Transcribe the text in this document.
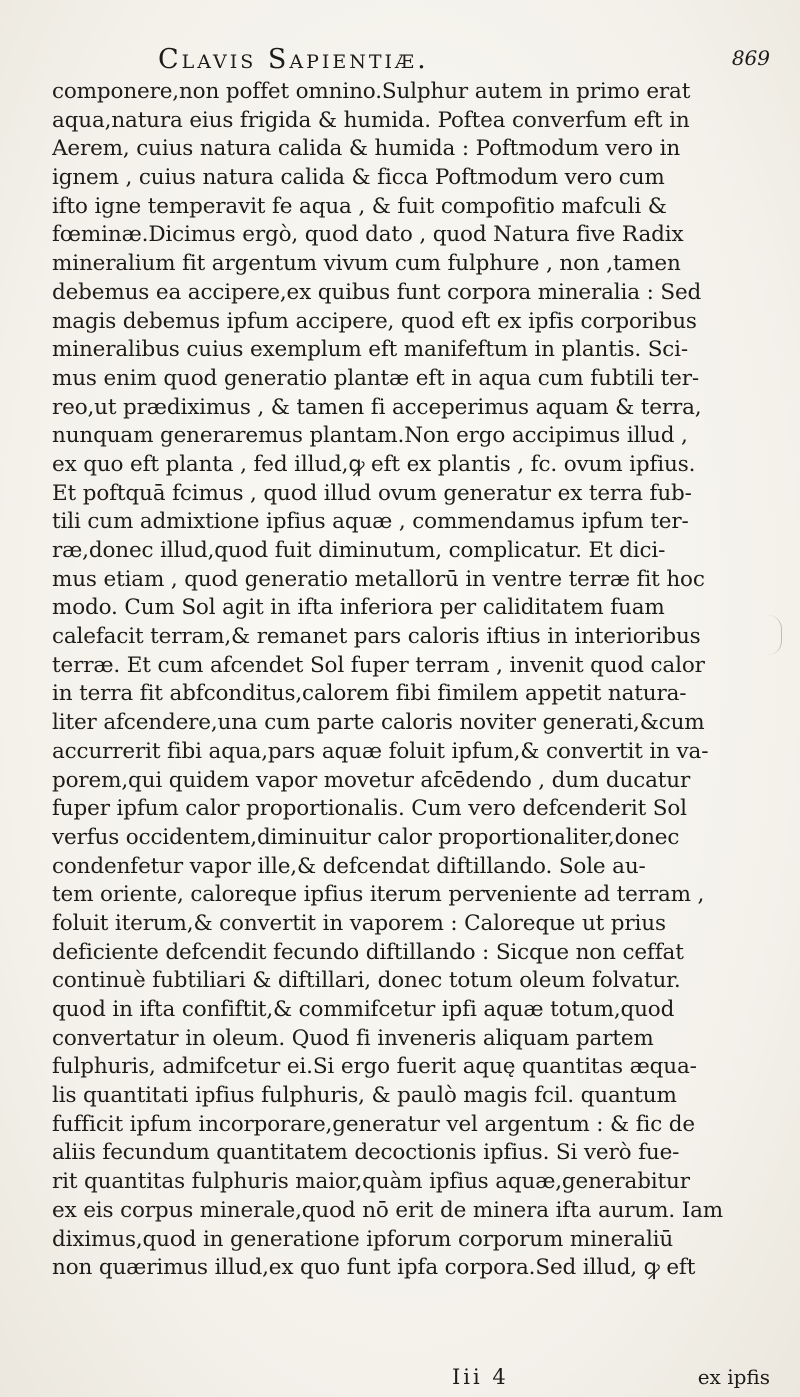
Clavis Sapientiæ.	869
componere,non poffet omnino.Sulphur autem in primo erat
aqua,natura eius frigida & humida. Poftea converfum eft in
Aerem, cuius natura calida & humida : Poftmodum vero in
ignem , cuius natura calida & ficca Poftmodum vero cum
ifto igne temperavit fe aqua , & fuit compofitio mafculi &
fœminæ.Dicimus ergò, quod dato , quod Natura five Radix
mineralium fit argentum vivum cum fulphure , non ,tamen
debemus ea accipere,ex quibus funt corpora mineralia : Sed
magis debemus ipfum accipere, quod eft ex ipfis corporibus
mineralibus cuius exemplum eft manifeftum in plantis. Sci-
mus enim quod generatio plantæ eft in aqua cum fubtili ter-
reo,ut prædiximus , & tamen fi acceperimus aquam & terra,
nunquam generaremus plantam.Non ergo accipimus illud ,
ex quo eft planta , fed illud,ꝙ eft ex plantis , fc. ovum ipfius.
Et poftquā fcimus , quod illud ovum generatur ex terra fub-
tili cum admixtione ipfius aquæ , commendamus ipfum ter-
ræ,donec illud,quod fuit diminutum, complicatur. Et dici-
mus etiam , quod generatio metallorū in ventre terræ fit hoc
modo. Cum Sol agit in ifta inferiora per caliditatem fuam
calefacit terram,& remanet pars caloris iftius in interioribus
terræ. Et cum afcendet Sol fuper terram , invenit quod calor
in terra fit abfconditus,calorem fibi fimilem appetit natura-
liter afcendere,una cum parte caloris noviter generati,&cum
accurrerit fibi aqua,pars aquæ foluit ipfum,& convertit in va-
porem,qui quidem vapor movetur afcēdendo , dum ducatur
fuper ipfum calor proportionalis. Cum vero defcenderit Sol
verfus occidentem,diminuitur calor proportionaliter,donec
condenfetur vapor ille,& defcendat diftillando. Sole au-
tem oriente, caloreque ipfius iterum perveniente ad terram ,
foluit iterum,& convertit in vaporem : Caloreque ut prius
deficiente defcendit fecundo diftillando : Sicque non ceffat
continuè fubtiliari & diftillari, donec totum oleum folvatur.
quod in ifta confiftit,& commifcetur ipfi aquæ totum,quod
convertatur in oleum. Quod fi inveneris aliquam partem
fulphuris, admifcetur ei.Si ergo fuerit aquę quantitas æqua-
lis quantitati ipfius fulphuris, & paulò magis fcil. quantum
fufficit ipfum incorporare,generatur vel argentum : & fic de
aliis fecundum quantitatem decoctionis ipfius. Si verò fue-
rit quantitas fulphuris maior,quàm ipfius aquæ,generabitur
ex eis corpus minerale,quod nō erit de minera ifta aurum. Iam
diximus,quod in generatione ipforum corporum mineraliū
non quærimus illud,ex quo funt ipfa corpora.Sed illud, ꝙ eft
Iii 4	ex ipfis
